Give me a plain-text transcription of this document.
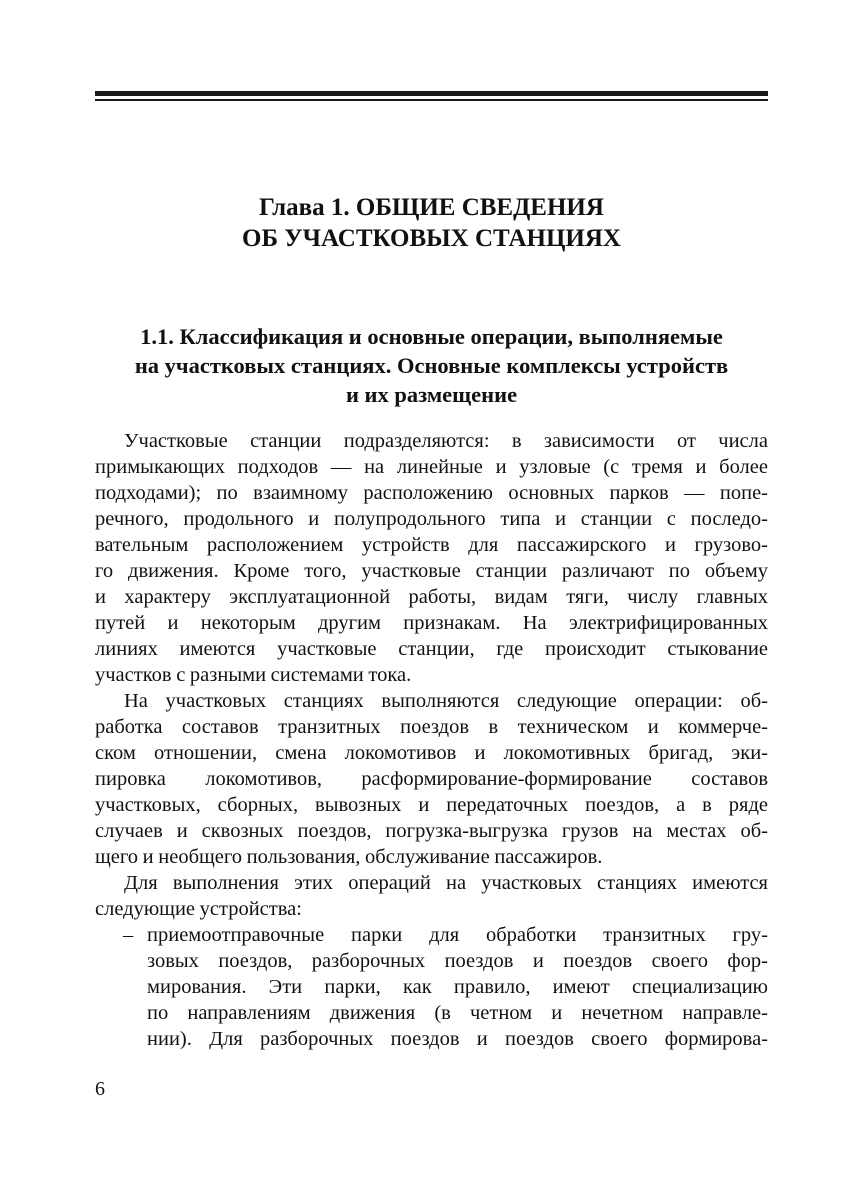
Глава 1. ОБЩИЕ СВЕДЕНИЯ
ОБ УЧАСТКОВЫХ СТАНЦИЯХ
1.1. Классификация и основные операции, выполняемые
на участковых станциях. Основные комплексы устройств
и их размещение
Участковые станции подразделяются: в зависимости от числа
примыкающих подходов — на линейные и узловые (с тремя и более
подходами); по взаимному расположению основных парков — попе-
речного, продольного и полупродольного типа и станции с последо-
вательным расположением устройств для пассажирского и грузово-
го движения. Кроме того, участковые станции различают по объему
и характеру эксплуатационной работы, видам тяги, числу главных
путей и некоторым другим признакам. На электрифицированных
линиях имеются участковые станции, где происходит стыкование
участков с разными системами тока.
На участковых станциях выполняются следующие операции: об-
работка составов транзитных поездов в техническом и коммерче-
ском отношении, смена локомотивов и локомотивных бригад, эки-
пировка локомотивов, расформирование-формирование составов
участковых, сборных, вывозных и передаточных поездов, а в ряде
случаев и сквозных поездов, погрузка-выгрузка грузов на местах об-
щего и необщего пользования, обслуживание пассажиров.
Для выполнения этих операций на участковых станциях имеются
следующие устройства:
– приемоотправочные парки для обработки транзитных гру-
зовых поездов, разборочных поездов и поездов своего фор-
мирования. Эти парки, как правило, имеют специализацию
по направлениям движения (в четном и нечетном направле-
нии). Для разборочных поездов и поездов своего формирова-
6
